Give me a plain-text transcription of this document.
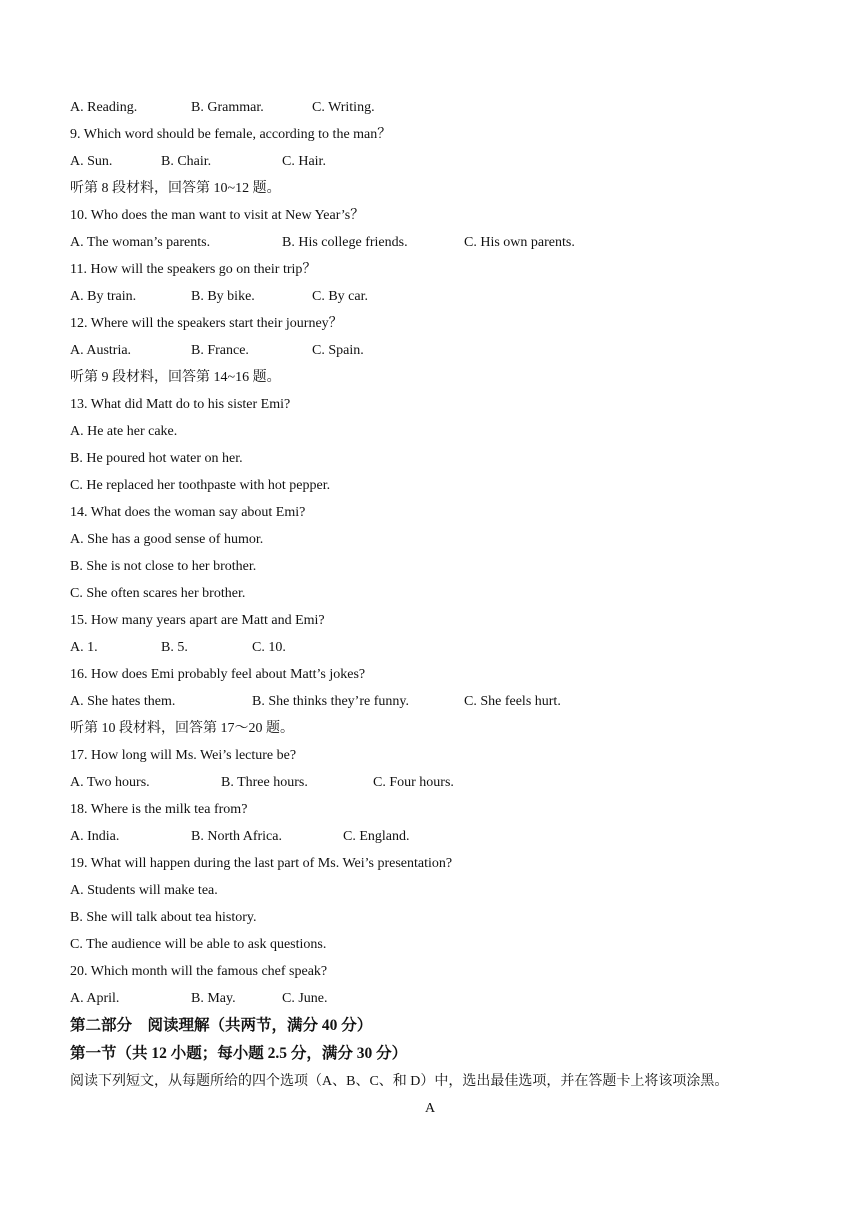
A. Reading.	B. Grammar.	C. Writing.
9. Which word should be female, according to the man？
A. Sun.	B. Chair.	C. Hair.
听第 8 段材料，回答第 10~12 题。
10. Who does the man want to visit at New Year’s？
A. The woman’s parents.	B. His college friends.	C. His own parents.
11. How will the speakers go on their trip？
A. By train.	B. By bike.	C. By car.
12. Where will the speakers start their journey？
A. Austria.	B. France.	C. Spain.
听第 9 段材料，回答第 14~16 题。
13. What did Matt do to his sister Emi?
A. He ate her cake.
B. He poured hot water on her.
C. He replaced her toothpaste with hot pepper.
14. What does the woman say about Emi?
A. She has a good sense of humor.
B. She is not close to her brother.
C. She often scares her brother.
15. How many years apart are Matt and Emi?
A. 1.	B. 5.	C. 10.
16. How does Emi probably feel about Matt’s jokes?
A. She hates them.	B. She thinks they’re funny.	C. She feels hurt.
听第 10 段材料，回答第 17～20 题。
17. How long will Ms. Wei’s lecture be?
A. Two hours.	B. Three hours.	C. Four hours.
18. Where is the milk tea from?
A. India.	B. North Africa.	C. England.
19. What will happen during the last part of Ms. Wei’s presentation?
A. Students will make tea.
B. She will talk about tea history.
C. The audience will be able to ask questions.
20. Which month will the famous chef speak?
A. April.	B. May.	C. June.
第二部分　阅读理解（共两节，满分 40 分）
第一节（共 12 小题；每小题 2.5 分，满分 30 分）
阅读下列短文，从每题所给的四个选项（A、B、C、和 D）中，选出最佳选项，并在答题卡上将该项涂黑。
A
